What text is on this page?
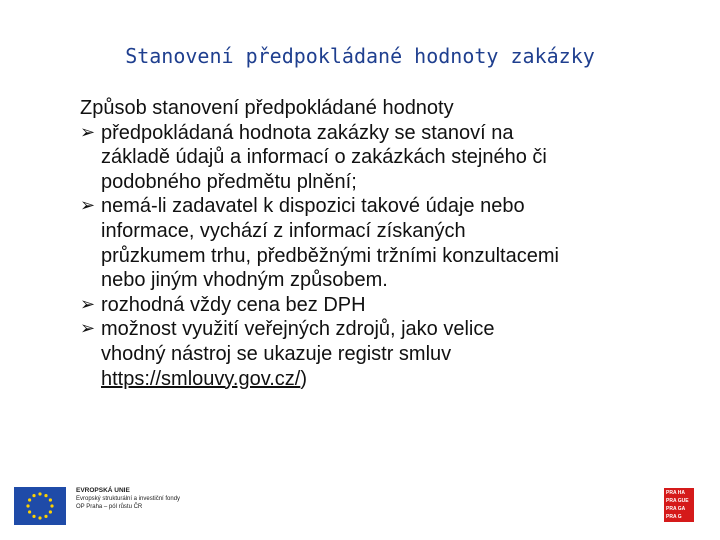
Stanovení předpokládané hodnoty zakázky
Způsob stanovení předpokládané hodnoty
➢ předpokládaná hodnota zakázky se stanoví na
základě údajů a informací o zakázkách stejného či
podobného předmětu plnění;
➢ nemá-li zadavatel k dispozici takové údaje nebo
informace, vychází z informací získaných
průzkumem trhu, předběžnými tržními konzultacemi
nebo jiným vhodným způsobem.
➢ rozhodná vždy cena bez DPH
➢ možnost využití veřejných zdrojů, jako velice
vhodný nástroj se ukazuje registr smluv
https://smlouvy.gov.cz/)
EVROPSKÁ UNIE
Evropský strukturální a investiční fondy
OP Praha – pól růstu ČR
PRA HA
PRA GUE
PRA GA
PRA G
